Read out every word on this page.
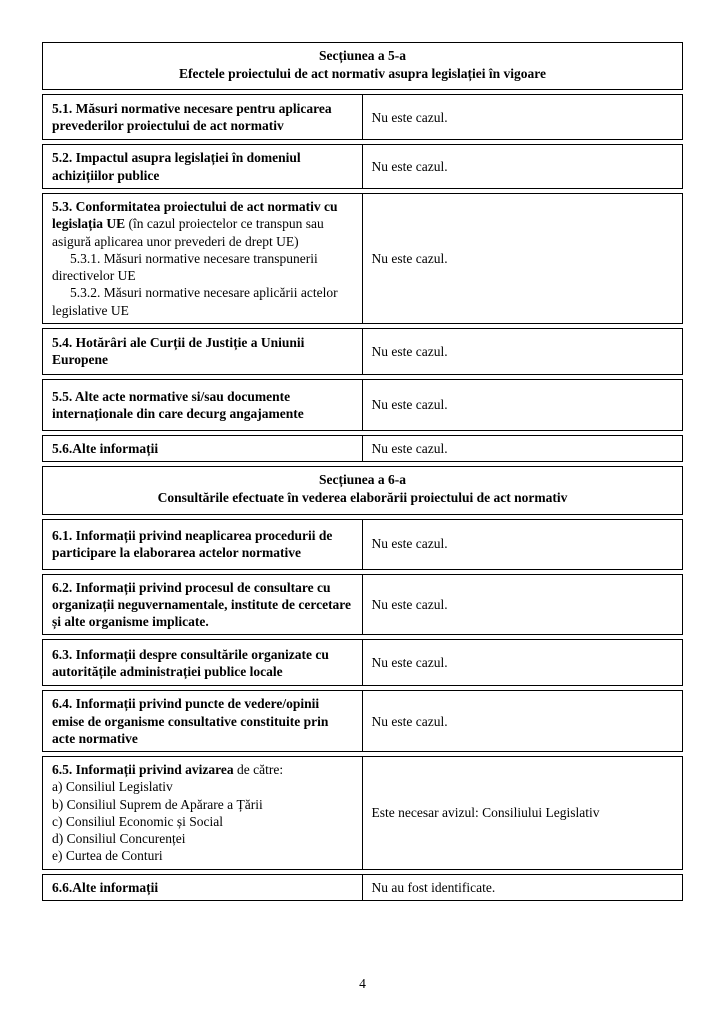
Secțiunea a 5-a
Efectele proiectului de act normativ asupra legislației în vigoare

5.1. Măsuri normative necesare pentru aplicarea prevederilor proiectului de act normativ

Nu este cazul.

5.2. Impactul asupra legislației în domeniul achizițiilor publice

Nu este cazul.

5.3. Conformitatea proiectului de act normativ cu legislația UE (în cazul proiectelor ce transpun sau asigură aplicarea unor prevederi de drept UE)

5.3.1. Măsuri normative necesare transpunerii directivelor UE

5.3.2. Măsuri normative necesare aplicării actelor legislative UE

Nu este cazul.

5.4. Hotărâri ale Curții de Justiție a Uniunii Europene

Nu este cazul.

5.5. Alte acte normative si/sau documente internaționale din care decurg angajamente

Nu este cazul.

5.6.Alte informații	Nu este cazul.

Secțiunea a 6-a
Consultările efectuate în vederea elaborării proiectului de act normativ

6.1. Informații privind neaplicarea procedurii de participare la elaborarea actelor normative

Nu este cazul.

6.2. Informații privind procesul de consultare cu organizații neguvernamentale, institute de cercetare și alte organisme implicate.

Nu este cazul.

6.3. Informații despre consultările organizate cu autoritățile administrației publice locale

Nu este cazul.

6.4. Informații privind puncte de vedere/opinii emise de organisme consultative constituite prin acte normative

Nu este cazul.

6.5. Informații privind avizarea de către:

a) Consiliul Legislativ

b) Consiliul Suprem de Apărare a Țării

c) Consiliul Economic și Social

d) Consiliul Concurenței

e) Curtea de Conturi

Este necesar avizul: Consiliului Legislativ

6.6.Alte informații	Nu au fost identificate.

4
